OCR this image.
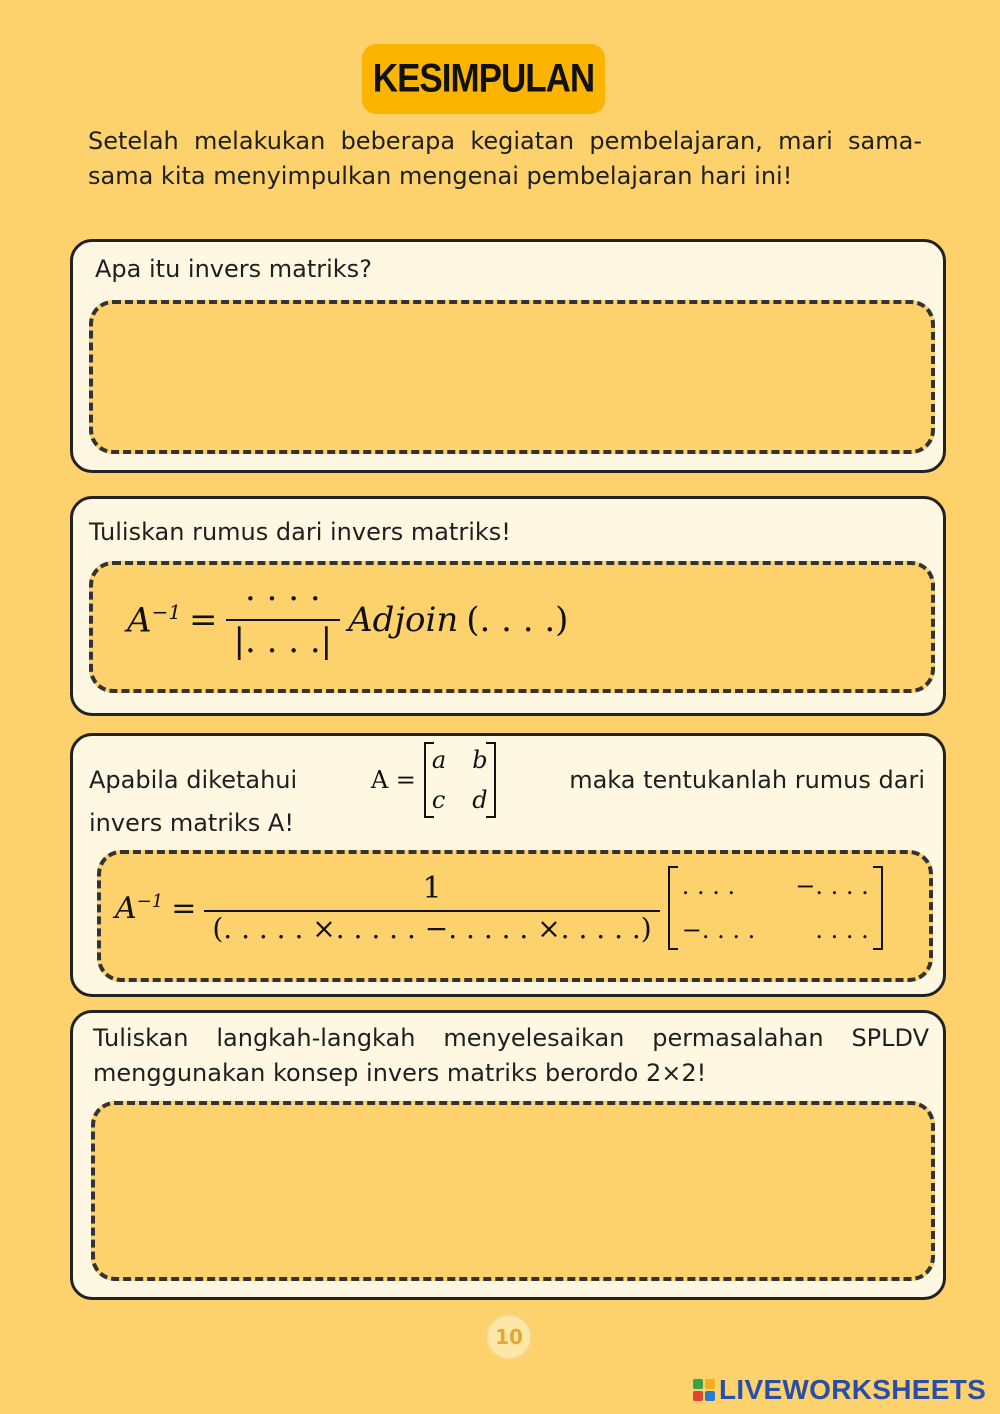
KESIMPULAN

Setelah melakukan beberapa kegiatan pembelajaran, mari sama-sama kita menyimpulkan mengenai pembelajaran hari ini!

Apa itu invers matriks?

Tuliskan rumus dari invers matriks!

$A^{-1} = \frac{\cdot \cdot \cdot \cdot}{|. . . .|}$ Adjoin (. . . .)
Apabila diketahui	A =
a b
c d
maka tentukanlah rumus dari
invers matriks A!
$A^{-1} = \frac{1}{(. . . . . \times. . . . . -. . . . . \times. . . . .)}$ . . . .	−. . . .
−. . . .	. . . .

Tuliskan langkah-langkah menyelesaikan permasalahan SPLDV menggunakan konsep invers matriks berordo 2×2!

10
LIVEWORKSHEETS
